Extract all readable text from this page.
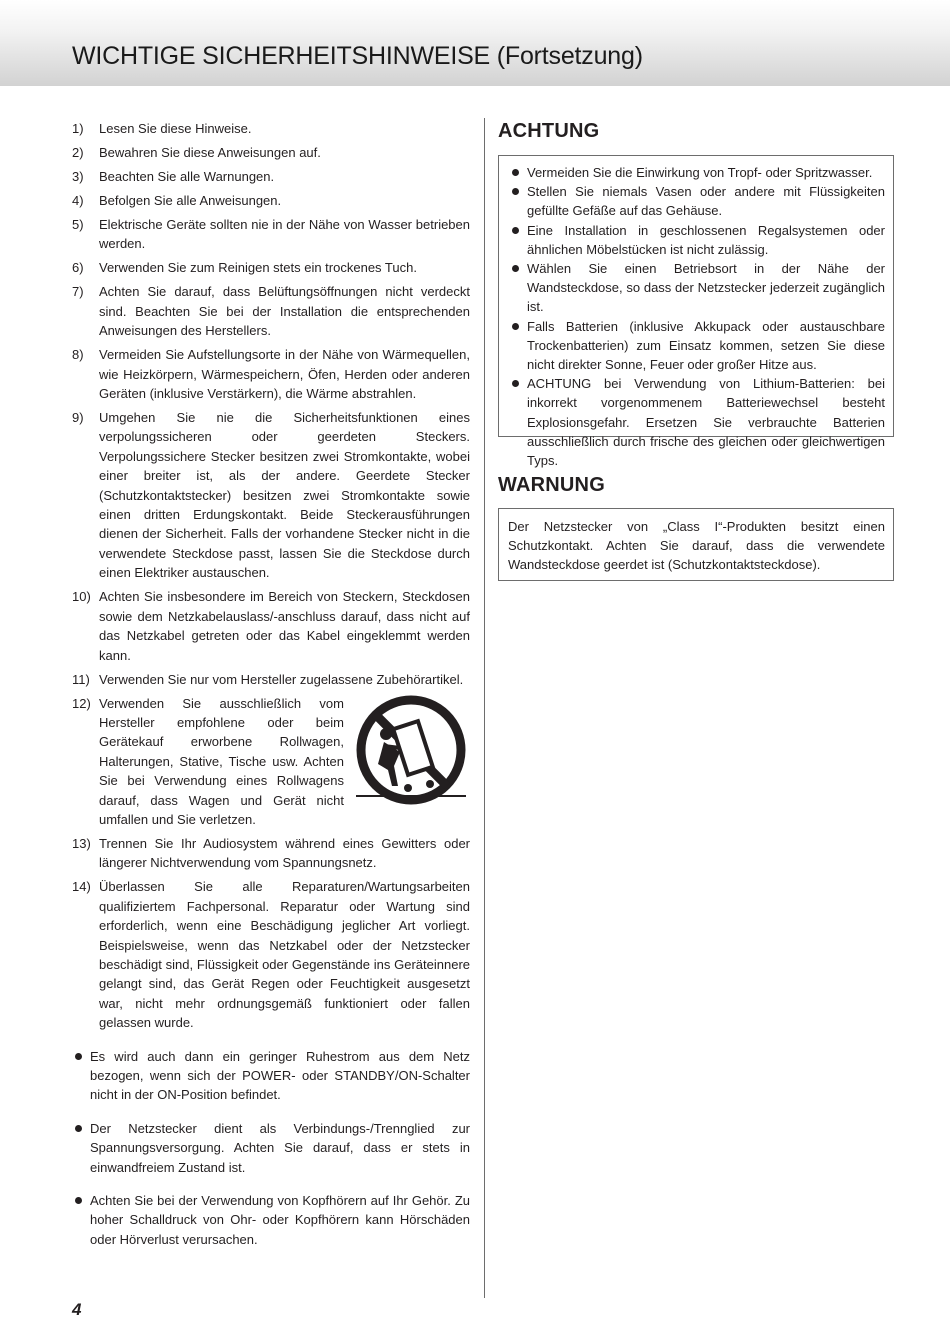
WICHTIGE SICHERHEITSHINWEISE (Fortsetzung)
1)	Lesen Sie diese Hinweise.
2)	Bewahren Sie diese Anweisungen auf.
3)	Beachten Sie alle Warnungen.
4)	Befolgen Sie alle Anweisungen.
5)	Elektrische Geräte sollten nie in der Nähe von Wasser betrieben werden.
6)	Verwenden Sie zum Reinigen stets ein trockenes Tuch.
7)	Achten Sie darauf, dass Belüftungsöffnungen nicht verdeckt sind. Beachten Sie bei der Installation die entsprechenden Anweisungen des Herstellers.
8)	Vermeiden Sie Aufstellungsorte in der Nähe von Wärmequellen, wie Heizkörpern, Wärmespeichern, Öfen, Herden oder anderen Geräten (inklusive Verstärkern), die Wärme abstrahlen.
9)	Umgehen Sie nie die Sicherheitsfunktionen eines verpolungssicheren oder geerdeten Steckers. Verpolungssichere Stecker besitzen zwei Stromkontakte, wobei einer breiter ist, als der andere. Geerdete Stecker (Schutzkontaktstecker) besitzen zwei Stromkontakte sowie einen dritten Erdungskontakt. Beide Steckerausführungen dienen der Sicherheit. Falls der vorhandene Stecker nicht in die verwendete Steckdose passt, lassen Sie die Steckdose durch einen Elektriker austauschen.
10) Achten Sie insbesondere im Bereich von Steckern, Steckdosen sowie dem Netzkabelauslass/-anschluss darauf, dass nicht auf das Netzkabel getreten oder das Kabel eingeklemmt werden kann.
11) Verwenden Sie nur vom Hersteller zugelassene Zubehörartikel.
12) Verwenden Sie ausschließlich vom Hersteller empfohlene oder beim Gerätekauf erworbene Rollwagen, Halterungen, Stative, Tische usw. Achten Sie bei Verwendung eines Rollwagens darauf, dass Wagen und Gerät nicht umfallen und Sie verletzen.
13) Trennen Sie Ihr Audiosystem während eines Gewitters oder längerer Nichtverwendung vom Spannungsnetz.
14) Überlassen Sie alle Reparaturen/Wartungsarbeiten qualifiziertem Fachpersonal. Reparatur oder Wartung sind erforderlich, wenn eine Beschädigung jeglicher Art vorliegt. Beispielsweise, wenn das Netzkabel oder der Netzstecker beschädigt sind, Flüssigkeit oder Gegenstände ins Geräteinnere gelangt sind, das Gerät Regen oder Feuchtigkeit ausgesetzt war, nicht mehr ordnungsgemäß funktioniert oder fallen gelassen wurde.
Es wird auch dann ein geringer Ruhestrom aus dem Netz bezogen, wenn sich der POWER- oder STANDBY/ON-Schalter nicht in der ON-Position befindet.
Der Netzstecker dient als Verbindungs-/Trennglied zur Spannungsversorgung. Achten Sie darauf, dass er stets in einwandfreiem Zustand ist.
Achten Sie bei der Verwendung von Kopfhörern auf Ihr Gehör. Zu hoher Schalldruck von Ohr- oder Kopfhörern kann Hörschäden oder Hörverlust verursachen.
ACHTUNG
Vermeiden Sie die Einwirkung von Tropf- oder Spritzwasser.
Stellen Sie niemals Vasen oder andere mit Flüssigkeiten gefüllte Gefäße auf das Gehäuse.
Eine Installation in geschlossenen Regalsystemen oder ähnlichen Möbelstücken ist nicht zulässig.
Wählen Sie einen Betriebsort in der Nähe der Wandsteckdose, so dass der Netzstecker jederzeit zugänglich ist.
Falls Batterien (inklusive Akkupack oder austauschbare Trockenbatterien) zum Einsatz kommen, setzen Sie diese nicht direkter Sonne, Feuer oder großer Hitze aus.
ACHTUNG bei Verwendung von Lithium-Batterien: bei inkorrekt vorgenommenem Batteriewechsel besteht Explosionsgefahr. Ersetzen Sie verbrauchte Batterien ausschließlich durch frische des gleichen oder gleichwertigen Typs.
WARNUNG
Der Netzstecker von „Class I“-Produkten besitzt einen Schutzkontakt. Achten Sie darauf, dass die verwendete Wandsteckdose geerdet ist (Schutzkontaktsteckdose).
4
